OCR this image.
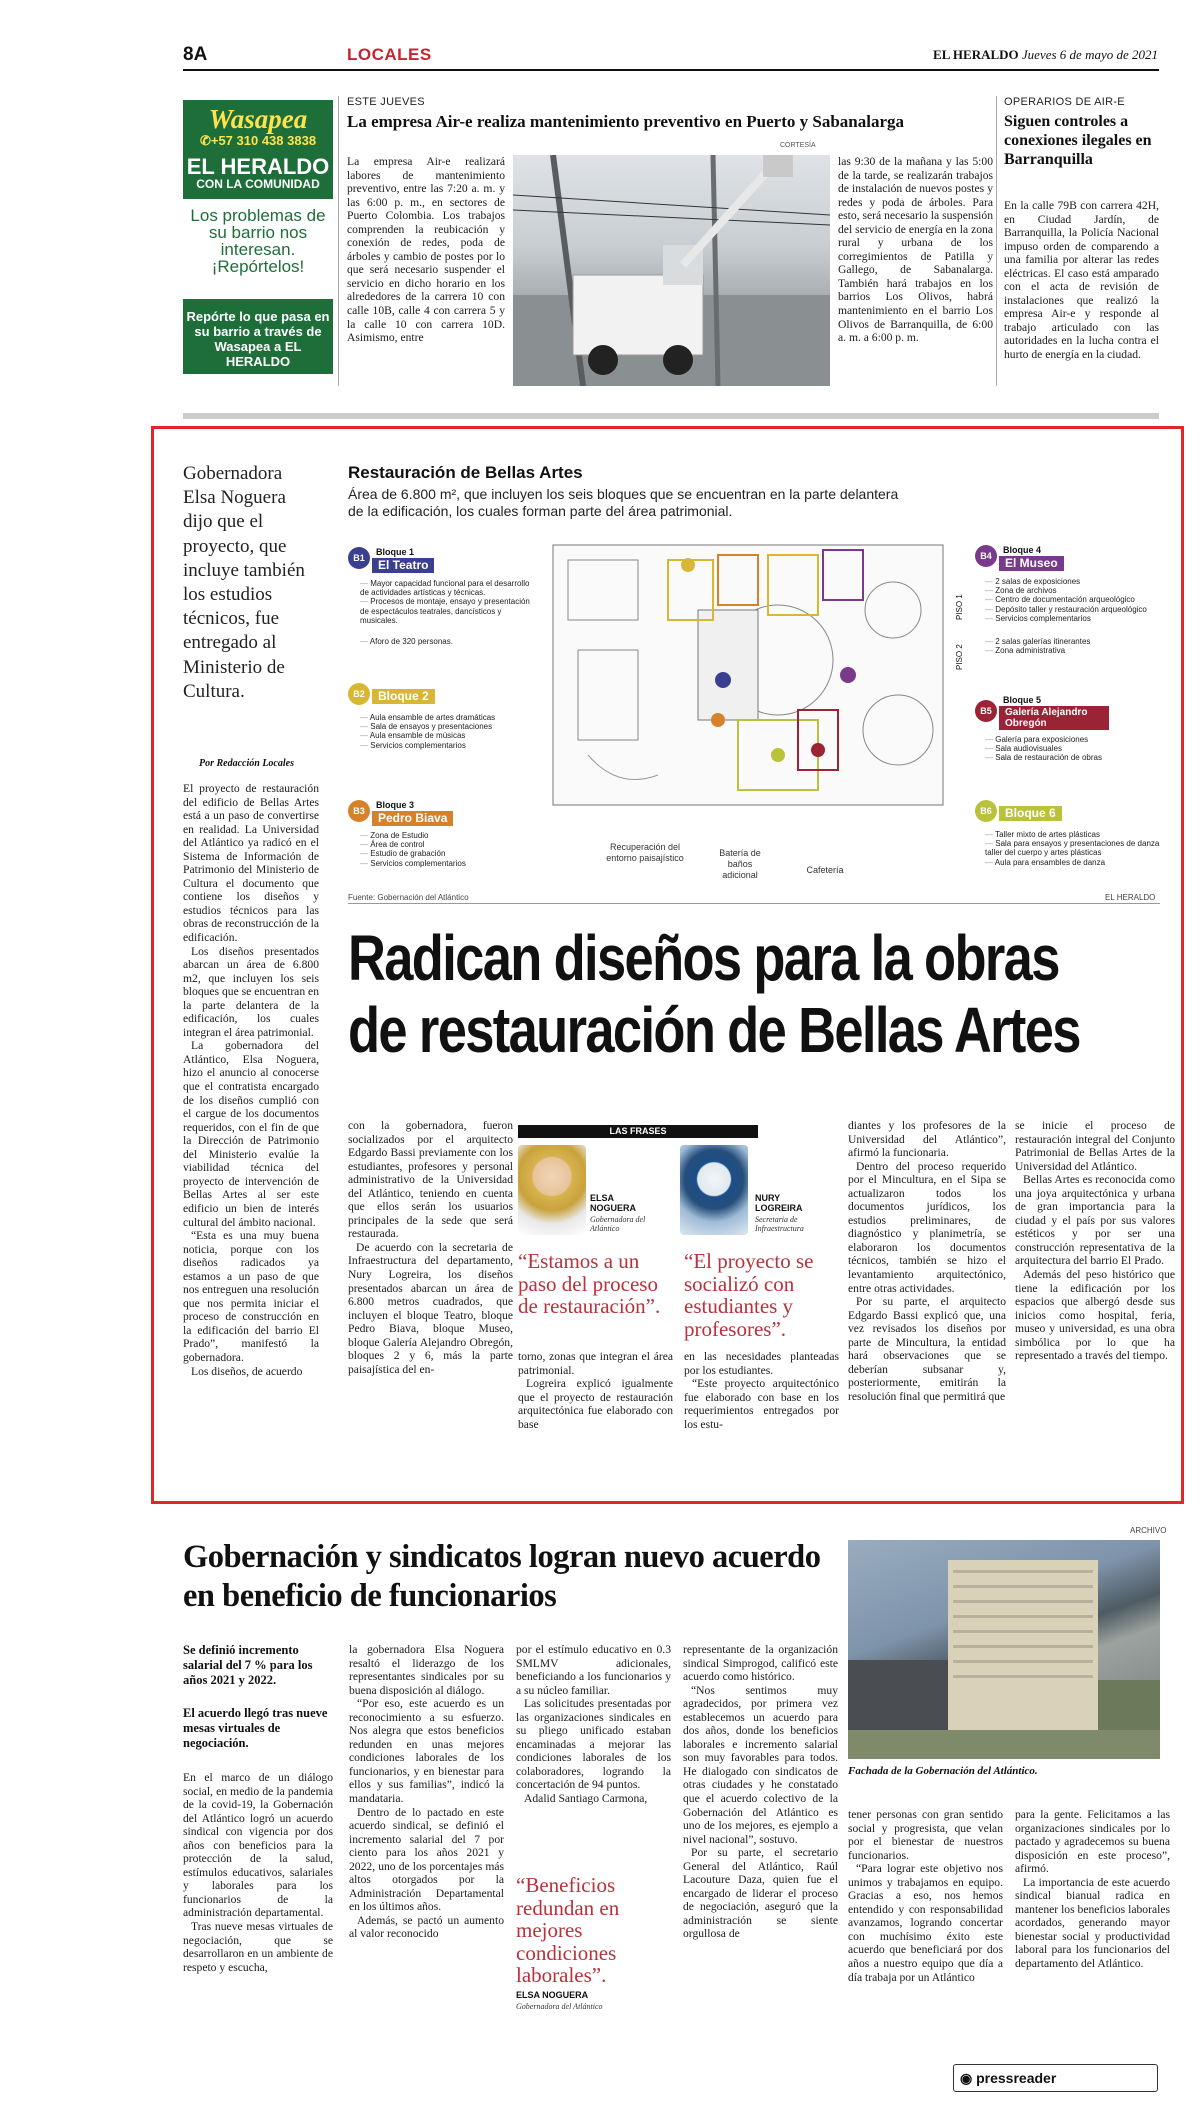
8A	LOCALES	EL HERALDO Jueves 6 de mayo de 2021
Wasapea
✆+57 310 438 3838
EL HERALDO
CON LA COMUNIDAD
Los problemas de su barrio nos interesan. ¡Repórtelos!
Repórte lo que pasa en su barrio a través de Wasapea a EL HERALDO
ESTE JUEVES
La empresa Air-e realiza mantenimiento preventivo en Puerto y Sabanalarga
CORTESÍA
La empresa Air-e realizará labores de mantenimiento preventivo, entre las 7:20 a. m. y las 6:00 p. m., en sectores de Puerto Colombia. Los trabajos comprenden la reubicación y conexión de redes, poda de árboles y cambio de postes por lo que será necesario suspender el servicio en dicho horario en los alrededores de la carrera 10 con calle 10B, calle 4 con carrera 5 y la calle 10 con carrera 10D. Asimismo, entre
las 9:30 de la mañana y las 5:00 de la tarde, se realizarán trabajos de instalación de nuevos postes y redes y poda de árboles. Para esto, será necesario la suspensión del servicio de energía en la zona rural y urbana de los corregimientos de Patilla y Gallego, de Sabanalarga. También hará trabajos en los barrios Los Olivos, habrá mantenimiento en el barrio Los Olivos de Barranquilla, de 6:00 a. m. a 6:00 p. m.
OPERARIOS DE AIR-E
Siguen controles a conexiones ilegales en Barranquilla
En la calle 79B con carrera 42H, en Ciudad Jardín, de Barranquilla, la Policía Nacional impuso orden de comparendo a una familia por alterar las redes eléctricas. El caso está amparado con el acta de revisión de instalaciones que realizó la empresa Air-e y responde al trabajo articulado con las autoridades en la lucha contra el hurto de energía en la ciudad.
Gobernadora Elsa Noguera dijo que el proyecto, que incluye también los estudios técnicos, fue entregado al Ministerio de Cultura.
Por Redacción Locales

El proyecto de restauración del edificio de Bellas Artes está a un paso de convertirse en realidad. La Universidad del Atlántico ya radicó en el Sistema de Información de Patrimonio del Ministerio de Cultura el documento que contiene los diseños y estudios técnicos para las obras de reconstrucción de la edificación.

Los diseños presentados abarcan un área de 6.800 m2, que incluyen los seis bloques que se encuentran en la parte delantera de la edificación, los cuales integran el área patrimonial.

La gobernadora del Atlántico, Elsa Noguera, hizo el anuncio al conocerse que el contratista encargado de los diseños cumplió con el cargue de los documentos requeridos, con el fin de que la Dirección de Patrimonio del Ministerio evalúe la viabilidad técnica del proyecto de intervención de Bellas Artes al ser este edificio un bien de interés cultural del ámbito nacional.

“Esta es una muy buena noticia, porque con los diseños radicados ya estamos a un paso de que nos entreguen una resolución que nos permita iniciar el proceso de construcción en la edificación del barrio El Prado”, manifestó la gobernadora.

Los diseños, de acuerdo

Restauración de Bellas Artes
Área de 6.800 m², que incluyen los seis bloques que se encuentran en la parte delantera de la edificación, los cuales forman parte del área patrimonial.
B1
Bloque 1
El Teatro
— Mayor capacidad funcional para el desarrollo de actividades artísticas y técnicas.
— Procesos de montaje, ensayo y presentación de espectáculos teatrales, dancísticos y musicales.
— Aforo de 320 personas.
B2	Bloque 2
— Aula ensamble de artes dramáticas
— Sala de ensayos y presentaciones
— Aula ensamble de músicas
— Servicios complementarios
B3
Bloque 3
Pedro Biava
— Zona de Estudio
— Área de control
— Estudio de grabación
— Servicios complementarios
B4
Bloque 4
El Museo
— 2 salas de exposiciones
— Zona de archivos
— Centro de documentación arqueológico
— Depósito taller y restauración arqueológico
— Servicios complementarios
— 2 salas galerías itinerantes
— Zona administrativa
PISO 1
PISO 2
B5
Bloque 5
Galería Alejandro Obregón
— Galería para exposiciones
— Sala audiovisuales
— Sala de restauración de obras
B6	Bloque 6
— Taller mixto de artes plásticas
— Sala para ensayos y presentaciones de danza taller del cuerpo y artes plásticas
— Aula para ensambles de danza
Recuperación del entorno paisajístico	Batería de baños adicional	Cafetería
Fuente: Gobernación del Atlántico	EL HERALDO
Radican diseños para la obras
de restauración de Bellas Artes

con la gobernadora, fueron socializados por el arquitecto Edgardo Bassi previamente con los estudiantes, profesores y personal administrativo de la Universidad del Atlántico, teniendo en cuenta que ellos serán los usuarios principales de la sede que será restaurada.

De acuerdo con la secretaria de Infraestructura del departamento, Nury Logreira, los diseños presentados abarcan un área de 6.800 metros cuadrados, que incluyen el bloque Teatro, bloque Pedro Biava, bloque Museo, bloque Galería Alejandro Obregón, bloques 2 y 6, más la parte paisajística del en-

LAS FRASES
ELSA
NOGUERA
Gobernadora del Atlántico
“Estamos a un paso del proceso de restauración”.
NURY
LOGREIRA
Secretaria de Infraestructura
“El proyecto se socializó con estudiantes y profesores”.

torno, zonas que integran el área patrimonial.

Logreira explicó igualmente que el proyecto de restauración arquitectónica fue elaborado con base

en las necesidades planteadas por los estudiantes.

“Este proyecto arquitectónico fue elaborado con base en los requerimientos entregados por los estu-

diantes y los profesores de la Universidad del Atlántico”, afirmó la funcionaria.

Dentro del proceso requerido por el Mincultura, en el Sipa se actualizaron todos los documentos jurídicos, los estudios preliminares, de diagnóstico y planimetría, se elaboraron los documentos técnicos, también se hizo el levantamiento arquitectónico, entre otras actividades.

Por su parte, el arquitecto Edgardo Bassi explicó que, una vez revisados los diseños por parte de Mincultura, la entidad hará observaciones que se deberían subsanar y, posteriormente, emitirán la resolución final que permitirá que

se inicie el proceso de restauración integral del Conjunto Patrimonial de Bellas Artes de la Universidad del Atlántico.

Bellas Artes es reconocida como una joya arquitectónica y urbana de gran importancia para la ciudad y el país por sus valores estéticos y por ser una construcción representativa de la arquitectura del barrio El Prado.

Además del peso histórico que tiene la edificación por los espacios que albergó desde sus inicios como hospital, feria, museo y universidad, es una obra simbólica por lo que ha representado a través del tiempo.

ARCHIVO
Gobernación y sindicatos logran nuevo acuerdo en beneficio de funcionarios
Fachada de la Gobernación del Atlántico.
Se definió incremento salarial del 7 % para los años 2021 y 2022.
El acuerdo llegó tras nueve mesas virtuales de negociación.

En el marco de un diálogo social, en medio de la pandemia de la covid-19, la Gobernación del Atlántico logró un acuerdo sindical con vigencia por dos años con beneficios para la protección de la salud, estímulos educativos, salariales y laborales para los funcionarios de la administración departamental.

Tras nueve mesas virtuales de negociación, que se desarrollaron en un ambiente de respeto y escucha,

la gobernadora Elsa Noguera resaltó el liderazgo de los representantes sindicales por su buena disposición al diálogo.

“Por eso, este acuerdo es un reconocimiento a su esfuerzo. Nos alegra que estos beneficios redunden en unas mejores condiciones laborales de los funcionarios, y en bienestar para ellos y sus familias”, indicó la mandataria.

Dentro de lo pactado en este acuerdo sindical, se definió el incremento salarial del 7 por ciento para los años 2021 y 2022, uno de los porcentajes más altos otorgados por la Administración Departamental en los últimos años.

Además, se pactó un aumento al valor reconocido

por el estímulo educativo en 0.3 SMLMV adicionales, beneficiando a los funcionarios y a su núcleo familiar.

Las solicitudes presentadas por las organizaciones sindicales en su pliego unificado estaban encaminadas a mejorar las condiciones laborales de los colaboradores, logrando la concertación de 94 puntos.

Adalid Santiago Carmona,

“Beneficios redundan en mejores condiciones laborales”.
ELSA NOGUERA
Gobernadora del Atlántico

representante de la organización sindical Simprogod, calificó este acuerdo como histórico.

“Nos sentimos muy agradecidos, por primera vez establecemos un acuerdo para dos años, donde los beneficios laborales e incremento salarial son muy favorables para todos. He dialogado con sindicatos de otras ciudades y he constatado que el acuerdo colectivo de la Gobernación del Atlántico es uno de los mejores, es ejemplo a nivel nacional”, sostuvo.

Por su parte, el secretario General del Atlántico, Raúl Lacouture Daza, quien fue el encargado de liderar el proceso de negociación, aseguró que la administración se siente orgullosa de

tener personas con gran sentido social y progresista, que velan por el bienestar de nuestros funcionarios.

“Para lograr este objetivo nos unimos y trabajamos en equipo. Gracias a eso, nos hemos entendido y con responsabilidad avanzamos, logrando concertar con muchísimo éxito este acuerdo que beneficiará por dos años a nuestro equipo que día a día trabaja por un Atlántico

para la gente. Felicitamos a las organizaciones sindicales por lo pactado y agradecemos su buena disposición en este proceso”, afirmó.

La importancia de este acuerdo sindical bianual radica en mantener los beneficios laborales acordados, generando mayor bienestar social y productividad laboral para los funcionarios del departamento del Atlántico.

◉ pressreader
